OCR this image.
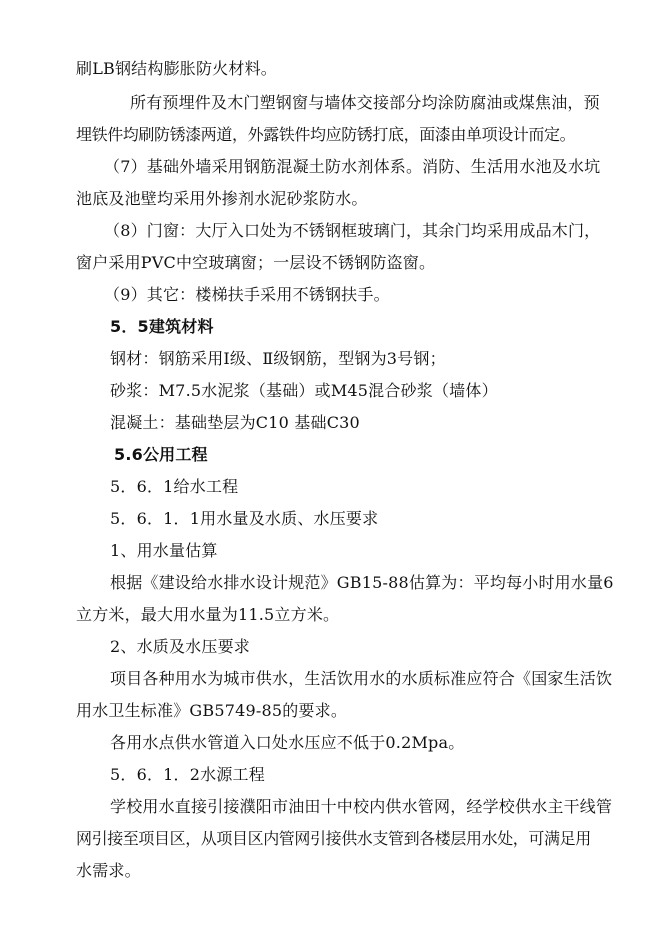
刷LB钢结构膨胀防火材料。
所有预埋件及木门塑钢窗与墙体交接部分均涂防腐油或煤焦油，预
埋铁件均刷防锈漆两道，外露铁件均应防锈打底，面漆由单项设计而定。
（7）基础外墙采用钢筋混凝土防水剂体系。消防、生活用水池及水坑
池底及池壁均采用外掺剂水泥砂浆防水。
（8）门窗：大厅入口处为不锈钢框玻璃门，其余门均采用成品木门，
窗户采用PVC中空玻璃窗；一层设不锈钢防盗窗。
（9）其它：楼梯扶手采用不锈钢扶手。
5．5建筑材料
钢材：钢筋采用Ⅰ级、Ⅱ级钢筋，型钢为3号钢；
砂浆：M7.5水泥浆（基础）或M45混合砂浆（墙体）
混凝土：基础垫层为C10 基础C30
5.6公用工程
5．6．1给水工程
5．6．1．1用水量及水质、水压要求
1、用水量估算
根据《建设给水排水设计规范》GB15-88估算为：平均每小时用水量6
立方米，最大用水量为11.5立方米。
2、水质及水压要求
项目各种用水为城市供水，生活饮用水的水质标准应符合《国家生活饮
用水卫生标准》GB5749-85的要求。
各用水点供水管道入口处水压应不低于0.2Mpa。
5．6．1．2水源工程
学校用水直接引接濮阳市油田十中校内供水管网，经学校供水主干线管
网引接至项目区，从项目区内管网引接供水支管到各楼层用水处，可满足用
水需求。
